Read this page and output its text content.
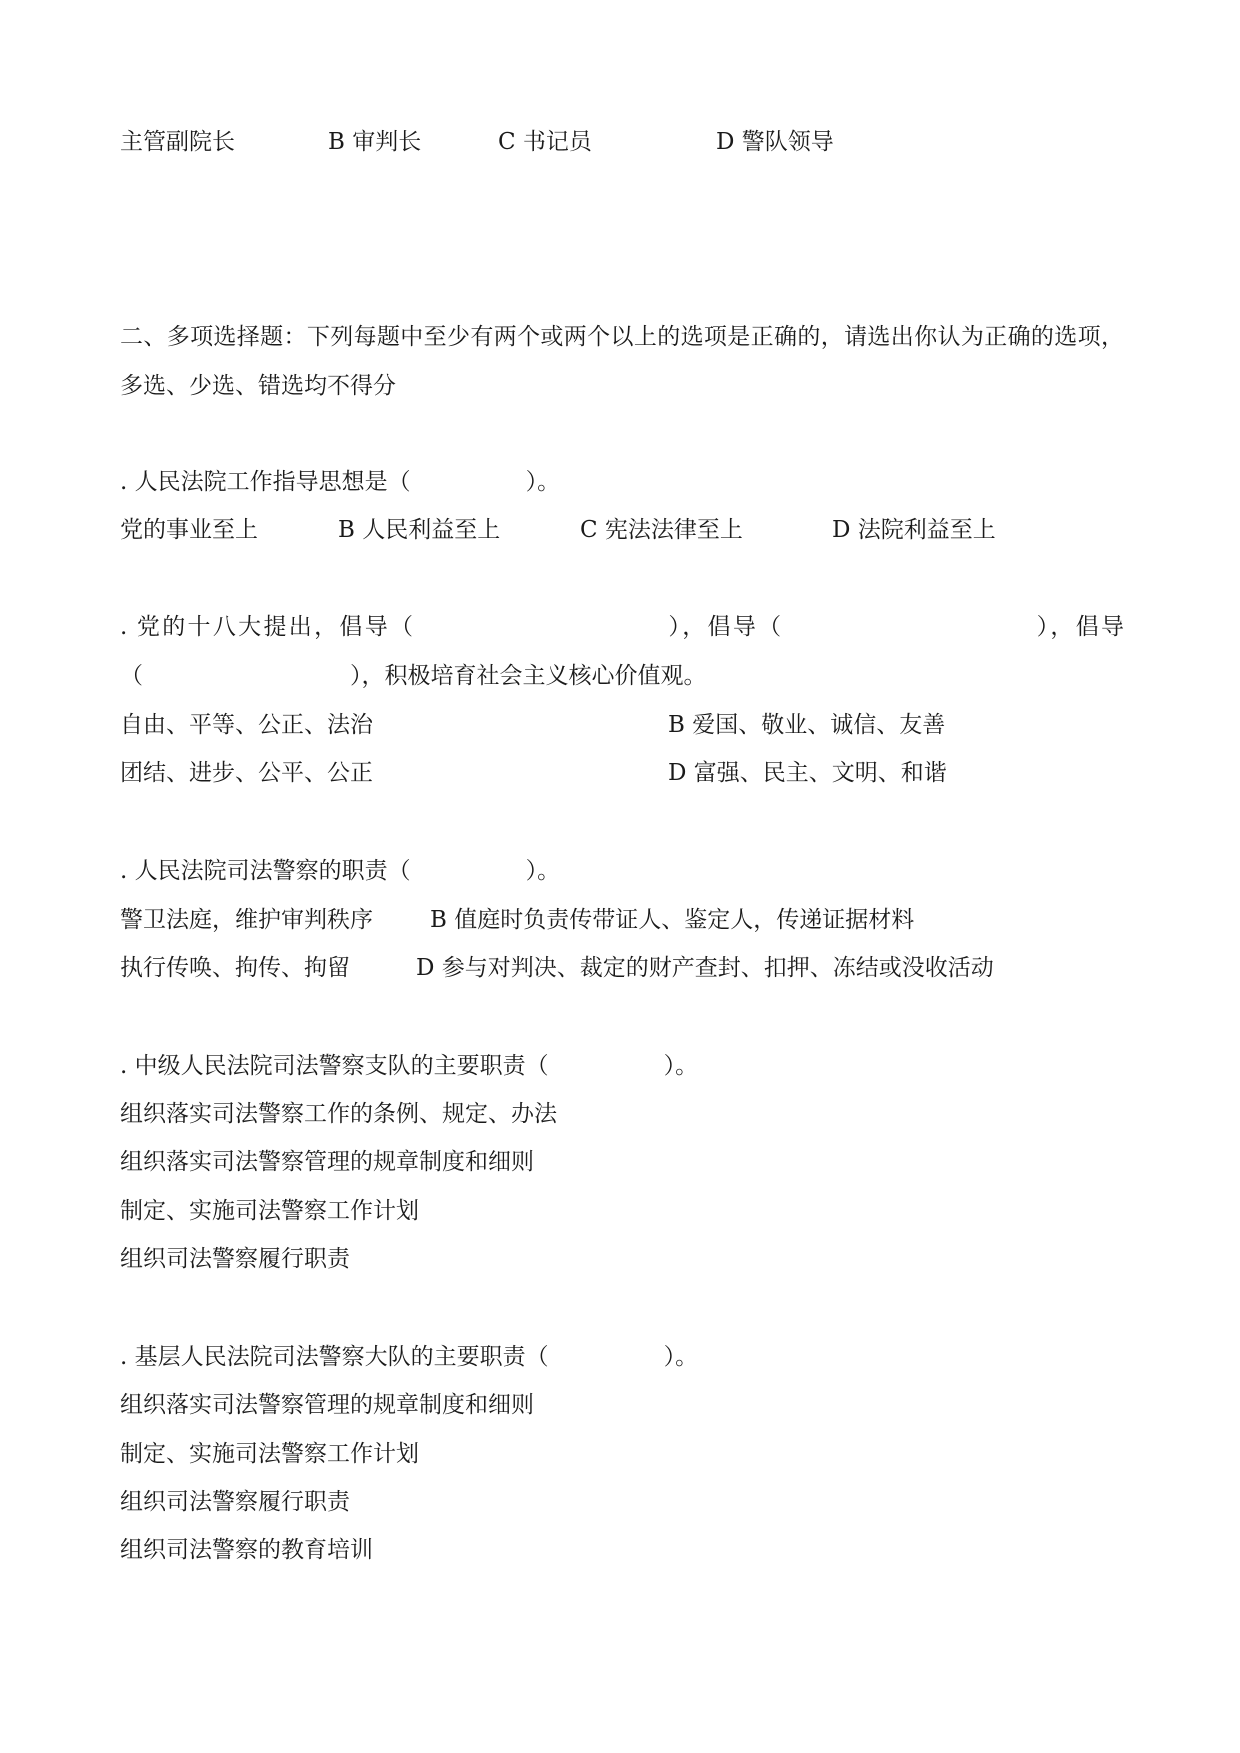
主管副院长	B 审判长	C 书记员	D 警队领导
二、多项选择题：下列每题中至少有两个或两个以上的选项是正确的，请选出你认为正确的选项，多选、少选、错选均不得分
. 人民法院工作指导思想是（　　　　　）。
党的事业至上	B 人民利益至上	C 宪法法律至上	D 法院利益至上
. 党的十八大提出，倡导（　　　　　　　　　　），倡导（　　　　　　　　　　），倡导（　　　　　　　　　），积极培育社会主义核心价值观。
自由、平等、公正、法治	B 爱国、敬业、诚信、友善
团结、进步、公平、公正	D 富强、民主、文明、和谐
. 人民法院司法警察的职责（　　　　　）。
警卫法庭，维护审判秩序 B 值庭时负责传带证人、鉴定人，传递证据材料
执行传唤、拘传、拘留	D 参与对判决、裁定的财产查封、扣押、冻结或没收活动
. 中级人民法院司法警察支队的主要职责（　　　　　）。
组织落实司法警察工作的条例、规定、办法
组织落实司法警察管理的规章制度和细则
制定、实施司法警察工作计划
组织司法警察履行职责
. 基层人民法院司法警察大队的主要职责（　　　　　）。
组织落实司法警察管理的规章制度和细则
制定、实施司法警察工作计划
组织司法警察履行职责
组织司法警察的教育培训
